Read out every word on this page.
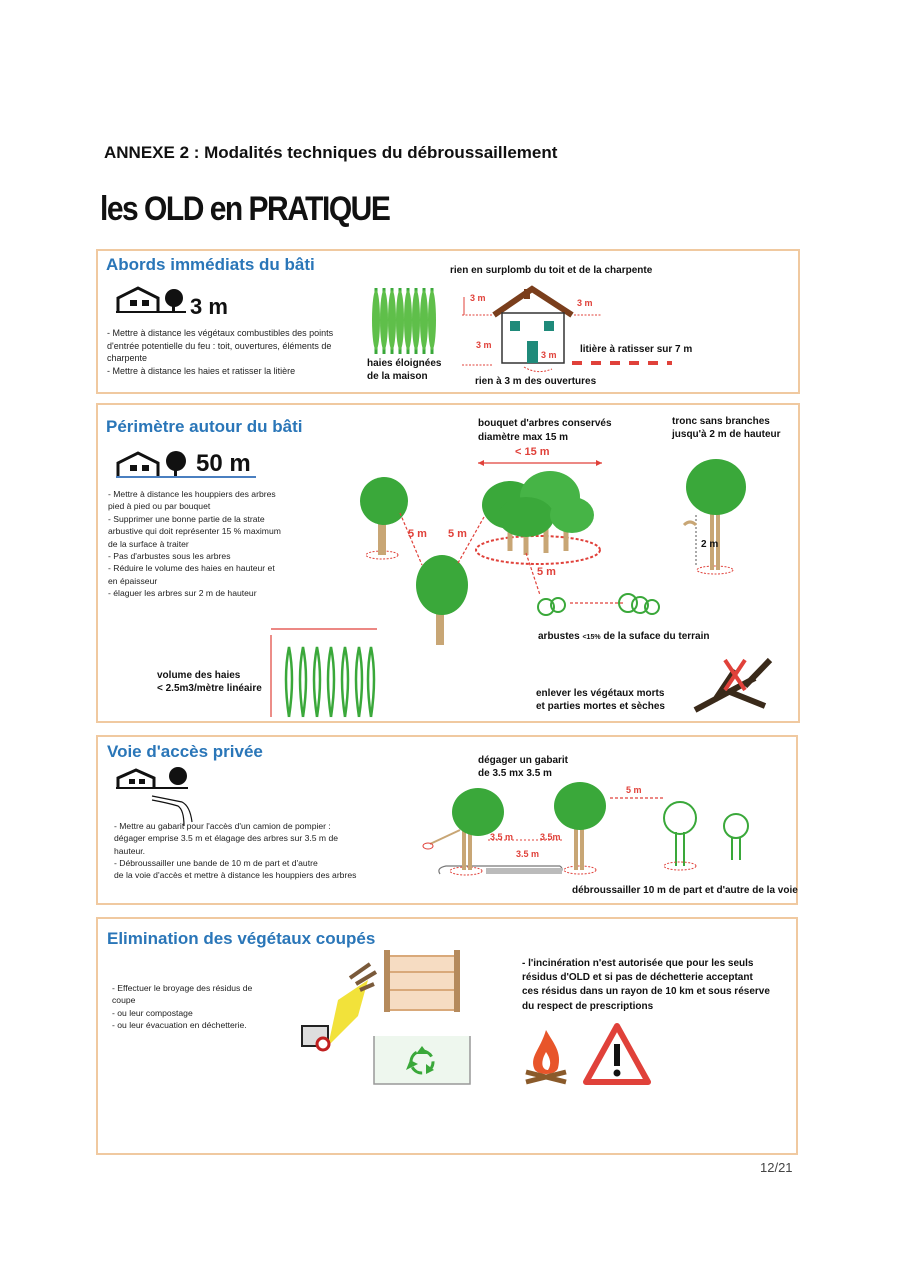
ANNEXE 2 : Modalités techniques du débroussaillement
les OLD en PRATIQUE
Abords immédiats du bâti
3 m
- Mettre à distance les végétaux combustibles des points
d'entrée potentielle du feu : toit, ouvertures, éléments de
charpente
- Mettre à distance les haies et ratisser la litière
haies éloignées
de la maison
rien en surplomb du toit et de la charpente
3 m	3 m
3 m
3 m litière à ratisser sur 7 m
rien à 3 m des ouvertures
Périmètre autour du bâti
50 m
- Mettre à distance les houppiers des arbres
pied à pied ou par bouquet
- Supprimer une bonne partie de la strate
arbustive qui doit représenter 15 % maximum
de la surface à traiter
- Pas d'arbustes sous les arbres
- Réduire le volume des haies en hauteur et
en épaisseur
- élaguer les arbres sur 2 m de hauteur
bouquet d'arbres conservés
diamètre max 15 m
< 15 m
tronc sans branches
jusqu'à 2 m de hauteur
5 m 5 m
5 m
2 m
arbustes <15% de la suface du terrain
volume des haies
< 2.5m3/mètre linéaire	enlever les végétaux morts
et parties mortes et sèches
Voie d'accès privée
- Mettre au gabarit pour l'accès d'un camion de pompier :
dégager emprise 3.5 m et élagage des arbres sur 3.5 m de
hauteur.
- Débroussailler une bande de 10 m de part et d'autre
de la voie d'accès et mettre à distance les houppiers des arbres
dégager un gabarit
de 3.5 mx 3.5 m
5 m
3.5 m	3.5m
3.5 m
débroussailler 10 m de part et d'autre de la voie
Elimination des végétaux coupés
- Effectuer le broyage des résidus de
coupe
- ou leur compostage
- ou leur évacuation en déchetterie.
- l'incinération n'est autorisée que pour les seuls
résidus d'OLD et si pas de déchetterie acceptant
ces résidus dans un rayon de 10 km et sous réserve
du respect de prescriptions
12/21
